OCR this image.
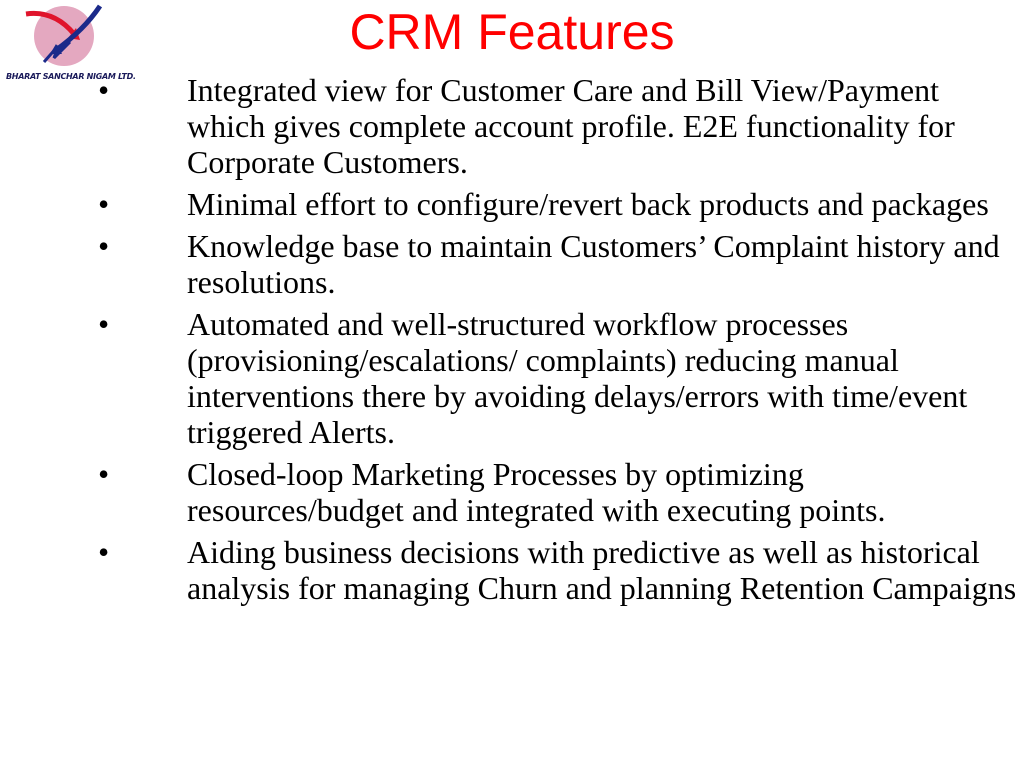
BHARAT SANCHAR NIGAM LTD.
CRM Features
• Integrated view for Customer Care and Bill View/Payment which gives complete account profile. E2E functionality for Corporate Customers.
• Minimal effort to configure/revert back products and packages
• Knowledge base to maintain Customers’ Complaint history and resolutions.
• Automated and well-structured workflow processes (provisioning/escalations/ complaints) reducing manual interventions there by avoiding delays/errors with time/event triggered Alerts.
• Closed-loop Marketing Processes by optimizing resources/budget and integrated with executing points.
• Aiding business decisions with predictive as well as historical analysis for managing Churn and planning Retention Campaigns
